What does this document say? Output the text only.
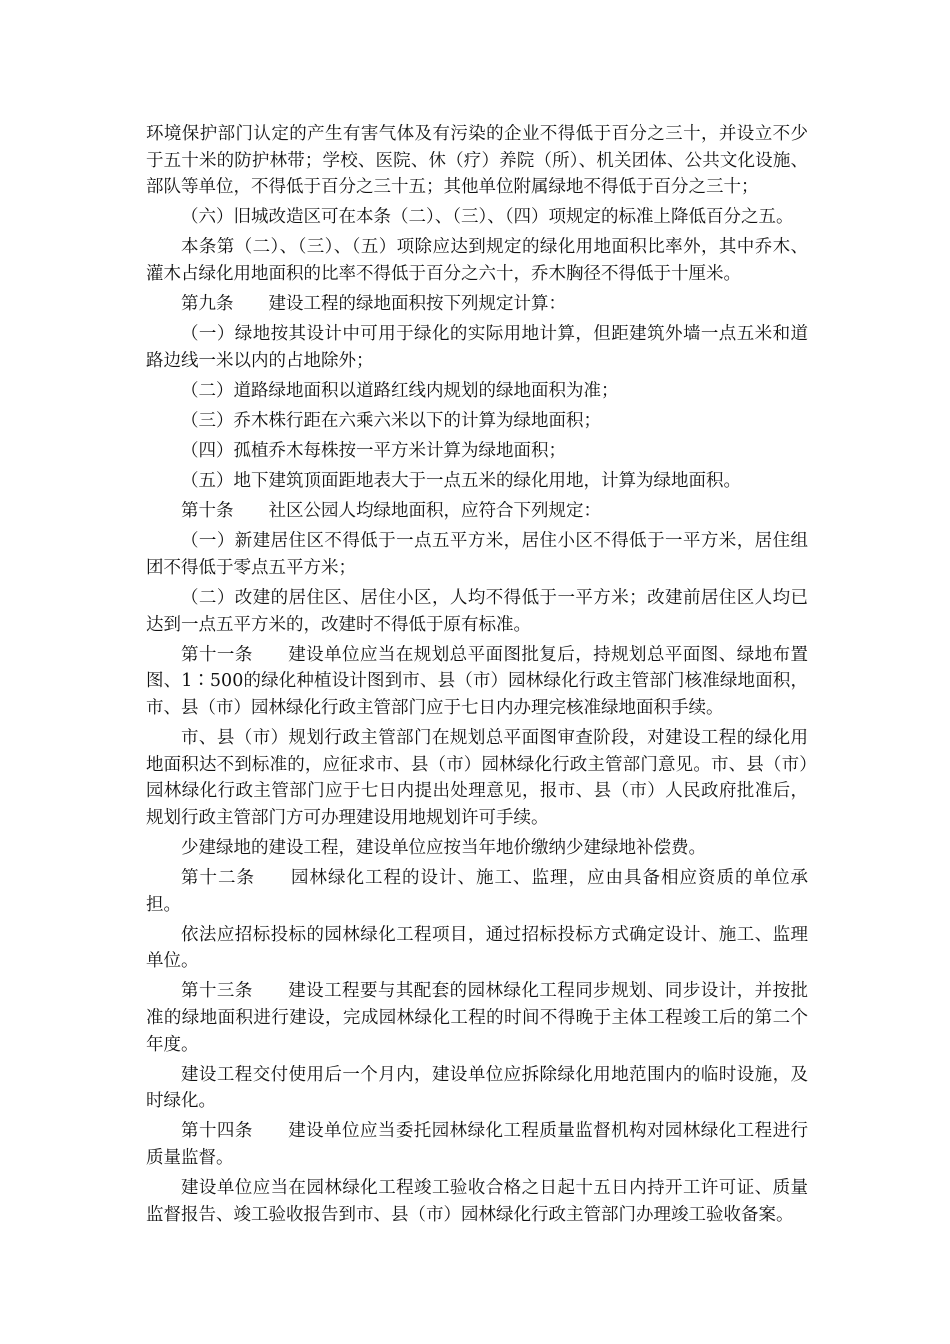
环境保护部门认定的产生有害气体及有污染的企业不得低于百分之三十，并设立不少于五十米的防护林带；学校、医院、休（疗）养院（所）、机关团体、公共文化设施、部队等单位，不得低于百分之三十五；其他单位附属绿地不得低于百分之三十；

（六）旧城改造区可在本条（二）、（三）、（四）项规定的标准上降低百分之五。

本条第（二）、（三）、（五）项除应达到规定的绿化用地面积比率外，其中乔木、灌木占绿化用地面积的比率不得低于百分之六十，乔木胸径不得低于十厘米。

第九条 建设工程的绿地面积按下列规定计算：

（一）绿地按其设计中可用于绿化的实际用地计算，但距建筑外墙一点五米和道路边线一米以内的占地除外；

（二）道路绿地面积以道路红线内规划的绿地面积为准；

（三）乔木株行距在六乘六米以下的计算为绿地面积；

（四）孤植乔木每株按一平方米计算为绿地面积；

（五）地下建筑顶面距地表大于一点五米的绿化用地，计算为绿地面积。

第十条 社区公园人均绿地面积，应符合下列规定：

（一）新建居住区不得低于一点五平方米，居住小区不得低于一平方米，居住组团不得低于零点五平方米；

（二）改建的居住区、居住小区，人均不得低于一平方米；改建前居住区人均已达到一点五平方米的，改建时不得低于原有标准。

第十一条 建设单位应当在规划总平面图批复后，持规划总平面图、绿地布置图、1∶500的绿化种植设计图到市、县（市）园林绿化行政主管部门核准绿地面积，市、县（市）园林绿化行政主管部门应于七日内办理完核准绿地面积手续。

市、县（市）规划行政主管部门在规划总平面图审查阶段，对建设工程的绿化用地面积达不到标准的，应征求市、县（市）园林绿化行政主管部门意见。市、县（市）园林绿化行政主管部门应于七日内提出处理意见，报市、县（市）人民政府批准后，规划行政主管部门方可办理建设用地规划许可手续。

少建绿地的建设工程，建设单位应按当年地价缴纳少建绿地补偿费。

第十二条 园林绿化工程的设计、施工、监理，应由具备相应资质的单位承担。

依法应招标投标的园林绿化工程项目，通过招标投标方式确定设计、施工、监理单位。

第十三条 建设工程要与其配套的园林绿化工程同步规划、同步设计，并按批准的绿地面积进行建设，完成园林绿化工程的时间不得晚于主体工程竣工后的第二个年度。

建设工程交付使用后一个月内，建设单位应拆除绿化用地范围内的临时设施，及时绿化。

第十四条 建设单位应当委托园林绿化工程质量监督机构对园林绿化工程进行质量监督。

建设单位应当在园林绿化工程竣工验收合格之日起十五日内持开工许可证、质量监督报告、竣工验收报告到市、县（市）园林绿化行政主管部门办理竣工验收备案。
